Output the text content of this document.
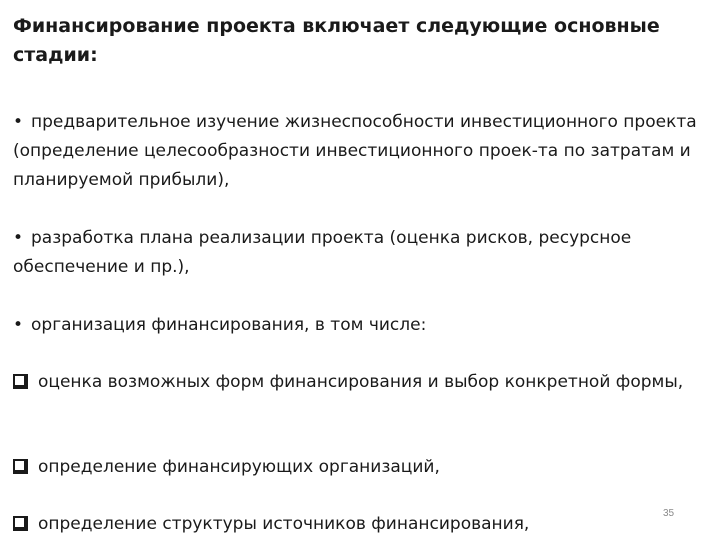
Финансирование проекта включает следующие основные стадии:

• предварительное изучение жизнеспособности инвестиционного проекта (определение целесообразности инвестиционного проек-та по затратам и планируемой прибыли),

• разработка плана реализации проекта (оценка рисков, ресурсное обеспечение и пр.),

• организация финансирования, в том числе:

оценка возможных форм финансирования и выбор конкретной формы,
определение финансирующих организаций,
определение структуры источников финансирования,
35
